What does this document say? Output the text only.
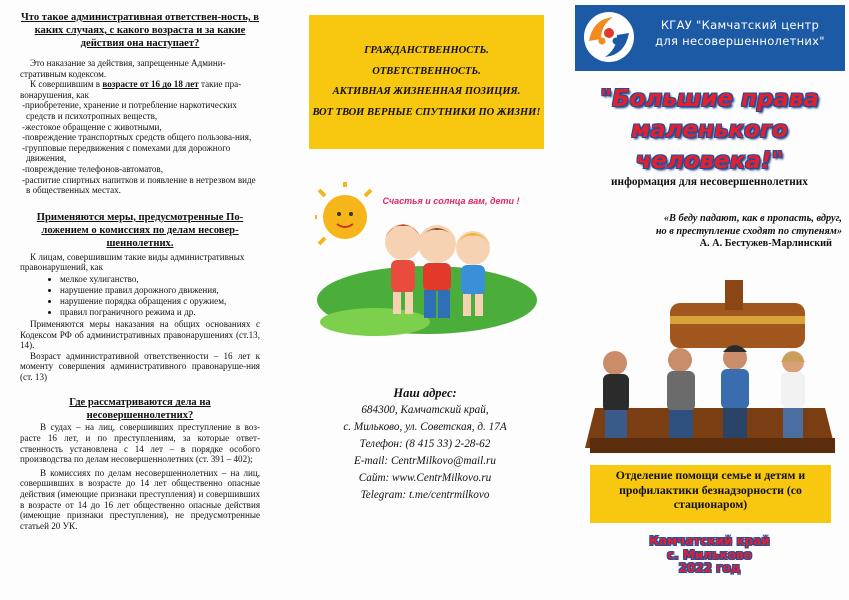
Что такое административная ответствен-ность, в каких случаях, с какого возраста и за какие действия она наступает?

Это наказание за действия, запрещенные Админи-стративным кодексом.

К совершившим в возрасте от 16 до 18 лет такие пра-вонарушения, как

-приобретение, хранение и потребление наркотических средств и психотропных веществ,

-жестокое обращение с животными,

-повреждение транспортных средств общего пользова-ния,

-групповые передвижения с помехами для дорожного движения,

-повреждение телефонов-автоматов,

-распитие спиртных напитков и появление в нетрезвом виде в общественных местах.

Применяются меры, предусмотренные По-ложением о комиссиях по делам несовер-шеннолетних.

К лицам, совершившим такие виды административных правонарушений, как

• мелкое хулиганство,
• нарушение правил дорожного движения,
• нарушение порядка обращения с оружием,
• правил пограничного режима и др.

Применяются меры наказания на общих основаниях с Кодексом РФ об административных правонарушениях (ст.13, 14).

Возраст административной ответственности – 16 лет к моменту совершения административного правонаруше-ния (ст. 13)

Где рассматриваются дела на несовершеннолетних?

В судах – на лиц, совершивших преступление в воз-расте 16 лет, и по преступлениям, за которые ответ-ственность установлена с 14 лет – в порядке особого производства по делам несовершеннолетних (ст. 391 – 402);

В комиссиях по делам несовершеннолетних – на лиц, совершивших в возрасте до 14 лет общественно опасные действия (имеющие признаки преступления) и совершивших в возрасте от 14 до 16 лет общественно опасные действия (имеющие признаки преступления), не предусмотренные статьей 20 УК.

ГРАЖДАНСТВЕННОСТЬ.
ОТВЕТСТВЕННОСТЬ.
АКТИВНАЯ ЖИЗНЕННАЯ ПОЗИЦИЯ.
ВОТ ТВОИ ВЕРНЫЕ СПУТНИКИ ПО ЖИЗНИ!
Счастья и солнца вам, дети !
Наш адрес:
684300, Камчатский край,
с. Мильково, ул. Советская, д. 17А
Телефон: (8 415 33) 2-28-62
E-mail: CentrMilkovo@mail.ru
Сайт: www.CentrMilkovo.ru
Telegram: t.me/centrmilkovo
КГАУ "Камчатский центр
для несовершеннолетних"
"Большие права
маленького человека!"
информация для несовершеннолетних
«В беду падают, как в пропасть, вдруг,
но в преступление сходят по ступеням»
А. А. Бестужев-Марлинский
Отделение помощи семье и детям и профилактики безнадзорности (со стационаром)
Камчатский край
с. Мильково
2022 год
